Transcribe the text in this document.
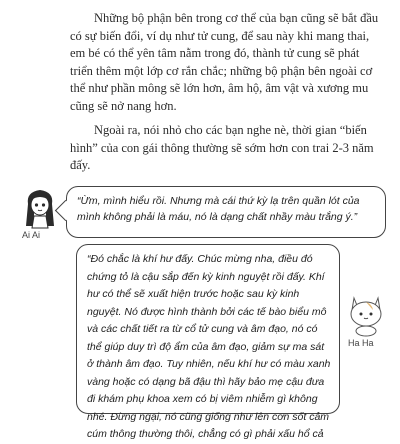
Những bộ phận bên trong cơ thể của bạn cũng sẽ bắt đầu có sự biến đổi, ví dụ như tử cung, để sau này khi mang thai, em bé có thể yên tâm nằm trong đó, thành tử cung sẽ phát triển thêm một lớp cơ rắn chắc; những bộ phận bên ngoài cơ thể như phần mông sẽ lớn hơn, âm hộ, âm vật và xương mu cũng sẽ nở nang hơn.

Ngoài ra, nói nhỏ cho các bạn nghe nè, thời gian “biến hình” của con gái thông thường sẽ sớm hơn con trai 2-3 năm đấy.

Ai Ai
“Ừm, mình hiểu rồi. Nhưng mà cái thứ kỳ lạ trên quần lót của mình không phải là máu, nó là dạng chất nhầy màu trắng ý.”
“Đó chắc là khí hư đấy. Chúc mừng nha, điều đó chứng tỏ là cậu sắp đến kỳ kinh nguyệt rồi đấy. Khí hư có thể sẽ xuất hiện trước hoặc sau kỳ kinh nguyệt. Nó được hình thành bởi các tế bào biểu mô và các chất tiết ra từ cổ tử cung và âm đạo, nó có thể giúp duy trì độ ẩm của âm đạo, giảm sự ma sát ở thành âm đạo. Tuy nhiên, nếu khí hư có màu xanh vàng hoặc có dạng bã đậu thì hãy bảo mẹ cậu đưa đi khám phụ khoa xem có bị viêm nhiễm gì không nhé. Đừng ngại, nó cũng giống như lên cơn sốt cảm cúm thông thường thôi, chẳng có gì phải xấu hổ cả
Ha Ha
